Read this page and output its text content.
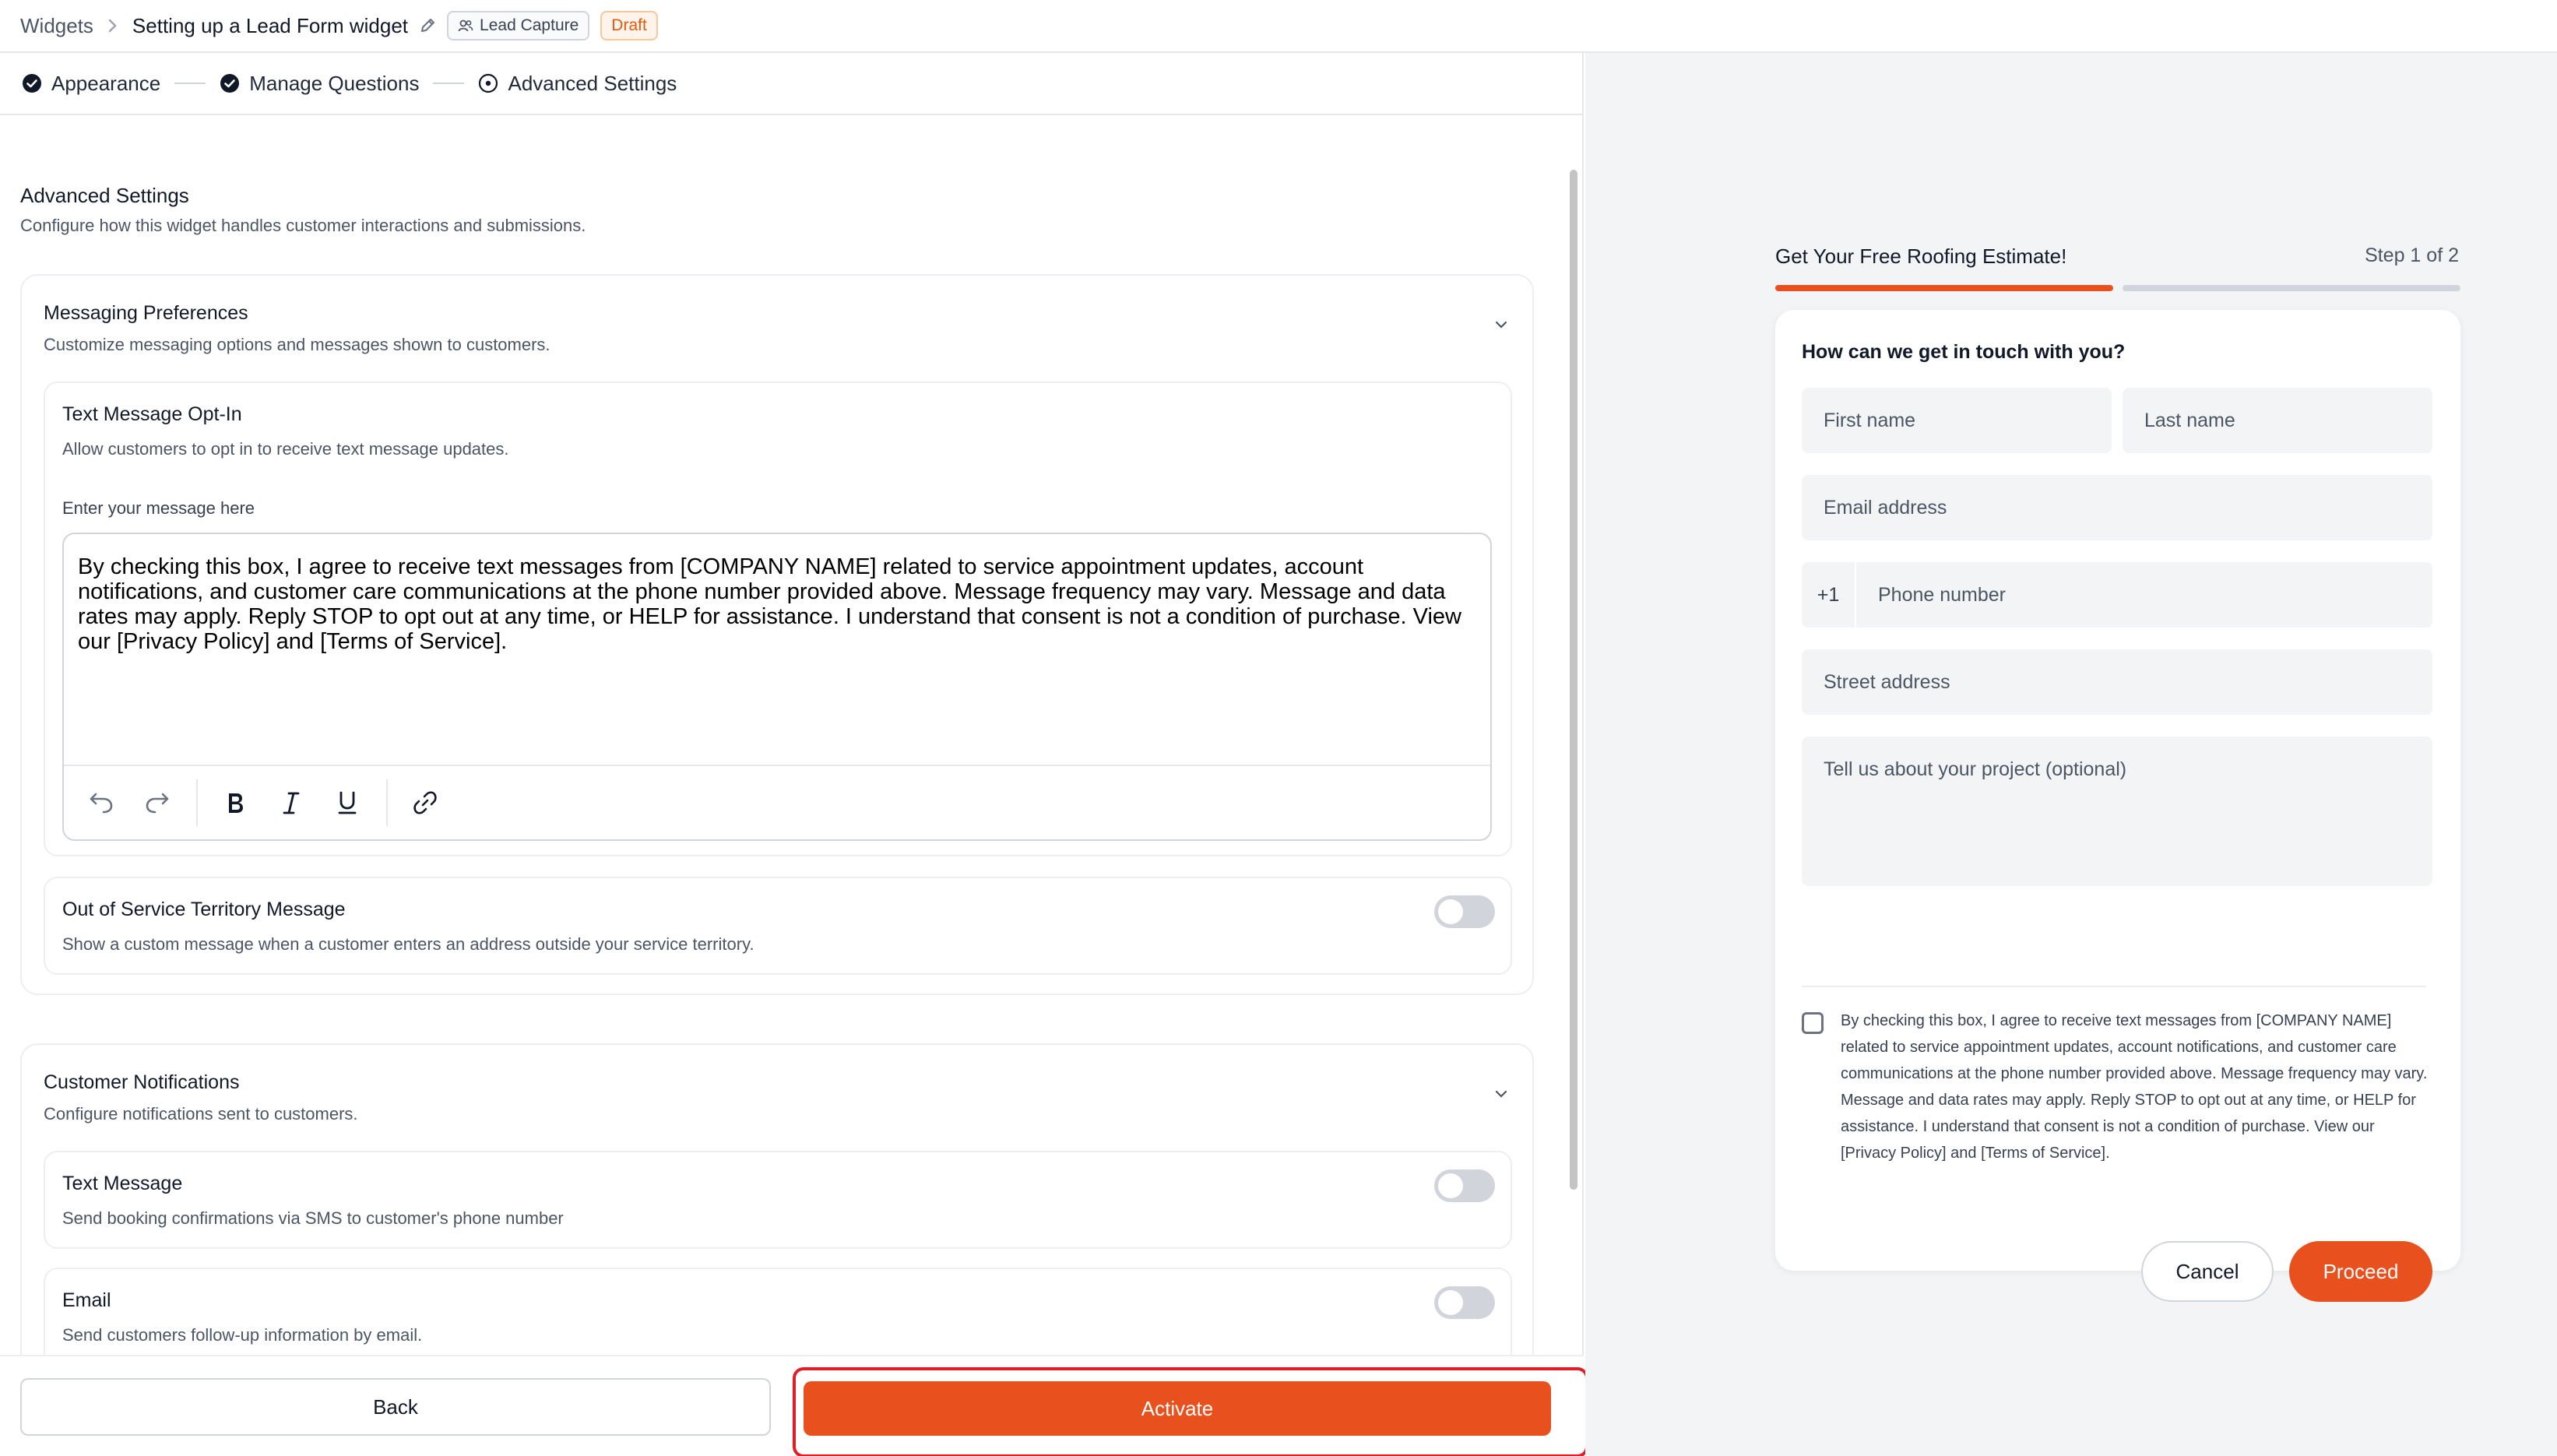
Widgets Setting up a Lead Form widget	Lead Capture	Draft
Appearance	Manage Questions	Advanced Settings
Advanced Settings
Configure how this widget handles customer interactions and submissions.
Messaging Preferences
Customize messaging options and messages shown to customers.
Text Message Opt-In
Allow customers to opt in to receive text message updates.
Enter your message here
By checking this box, I agree to receive text messages from [COMPANY NAME] related to service appointment updates, account notifications, and customer care communications at the phone number provided above. Message frequency may vary. Message and data rates may apply. Reply STOP to opt out at any time, or HELP for assistance. I understand that consent is not a condition of purchase. View our [Privacy Policy] and [Terms of Service].
Out of Service Territory Message
Show a custom message when a customer enters an address outside your service territory.
Customer Notifications
Configure notifications sent to customers.
Text Message
Send booking confirmations via SMS to customer's phone number
Email
Send customers follow-up information by email.
Back	Activate
Get Your Free Roofing Estimate!	Step 1 of 2
How can we get in touch with you?
First name	Last name
Email address
+1	Phone number
Street address
Tell us about your project (optional)
By checking this box, I agree to receive text messages from [COMPANY NAME] related to service appointment updates, account notifications, and customer care communications at the phone number provided above. Message frequency may vary. Message and data rates may apply. Reply STOP to opt out at any time, or HELP for assistance. I understand that consent is not a condition of purchase. View our [Privacy Policy] and [Terms of Service].
Cancel	Proceed
